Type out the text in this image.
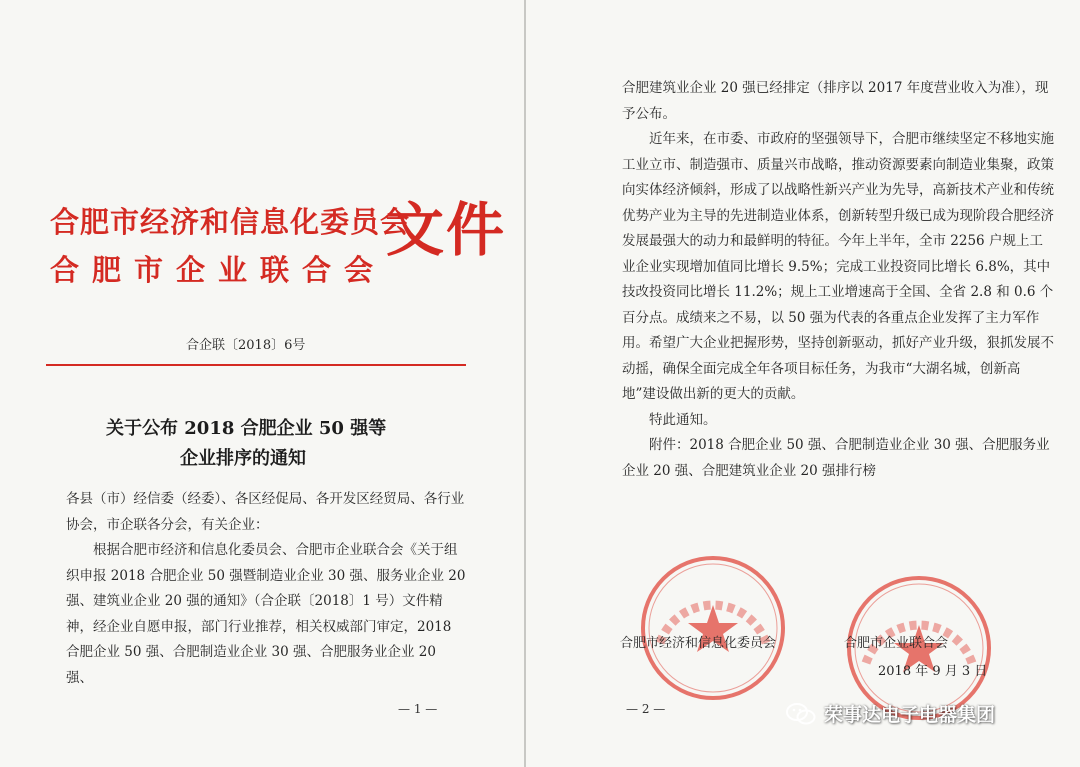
合肥市经济和信息化委员会
合肥市企业联合会
文件
合企联〔2018〕6号
关于公布 2018 合肥企业 50 强等
企业排序的通知

各县（市）经信委（经委）、各区经促局、各开发区经贸局、各行业协会，市企联各分会，有关企业：

根据合肥市经济和信息化委员会、合肥市企业联合会《关于组织申报 2018 合肥企业 50 强暨制造业企业 30 强、服务业企业 20 强、建筑业企业 20 强的通知》（合企联〔2018〕1 号）文件精神，经企业自愿申报，部门行业推荐，相关权威部门审定，2018 合肥企业 50 强、合肥制造业企业 30 强、合肥服务业企业 20 强、

— 1 —

合肥建筑业企业 20 强已经排定（排序以 2017 年度营业收入为准），现予公布。

近年来，在市委、市政府的坚强领导下，合肥市继续坚定不移地实施工业立市、制造强市、质量兴市战略，推动资源要素向制造业集聚，政策向实体经济倾斜，形成了以战略性新兴产业为先导，高新技术产业和传统优势产业为主导的先进制造业体系，创新转型升级已成为现阶段合肥经济发展最强大的动力和最鲜明的特征。今年上半年，全市 2256 户规上工业企业实现增加值同比增长 9.5%；完成工业投资同比增长 6.8%，其中技改投资同比增长 11.2%；规上工业增速高于全国、全省 2.8 和 0.6 个百分点。成绩来之不易，以 50 强为代表的各重点企业发挥了主力军作用。希望广大企业把握形势，坚持创新驱动，抓好产业升级，狠抓发展不动摇，确保全面完成全年各项目标任务，为我市“大湖名城，创新高地”建设做出新的更大的贡献。

特此通知。

附件：2018 合肥企业 50 强、合肥制造业企业 30 强、合肥服务业企业 20 强、合肥建筑业企业 20 强排行榜

合肥市经济和信息化委员会	合肥市企业联合会
2018 年 9 月 3 日
— 2 —	荣事达电子电器集团
